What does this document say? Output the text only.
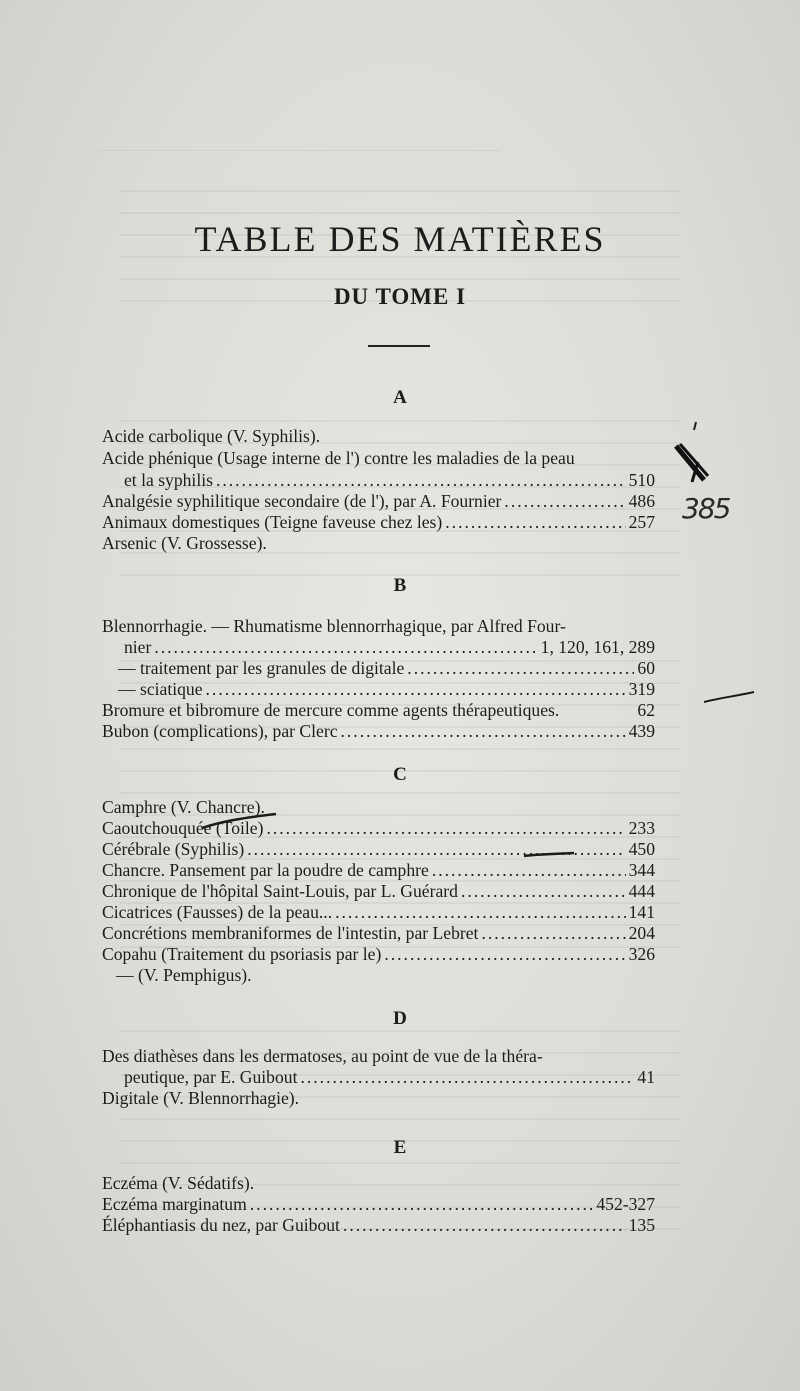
TABLE DES MATIÈRES
DU TOME I
A
Acide carbolique (V. Syphilis).
Acide phénique (Usage interne de l') contre les maladies de la peau
et la syphilis .....	510
Analgésie syphilitique secondaire (de l'), par A. Fournier .....	486
Animaux domestiques (Teigne faveuse chez les) .....	257
Arsenic (V. Grossesse).
B
Blennorrhagie. — Rhumatisme blennorrhagique, par Alfred Four-
nier .....	1, 120, 161, 289
— traitement par les granules de digitale .....	60
— sciatique .....	319
Bromure et bibromure de mercure comme agents thérapeutiques.	62
Bubon (complications), par Clerc .....	439
C
Camphre (V. Chancre).
Caoutchouquée (Toile) .....	233
Cérébrale (Syphilis) .....	450
Chancre. Pansement par la poudre de camphre .....	344
Chronique de l'hôpital Saint-Louis, par L. Guérard .....	444
Cicatrices (Fausses) de la peau... .....	141
Concrétions membraniformes de l'intestin, par Lebret .....	204
Copahu (Traitement du psoriasis par le) .....	326
— (V. Pemphigus).
D
Des diathèses dans les dermatoses, au point de vue de la théra-
peutique, par E. Guibout .....	41
Digitale (V. Blennorrhagie).
E
Eczéma (V. Sédatifs).
Eczéma marginatum .....	452-327
Éléphantiasis du nez, par Guibout .....	135
385
